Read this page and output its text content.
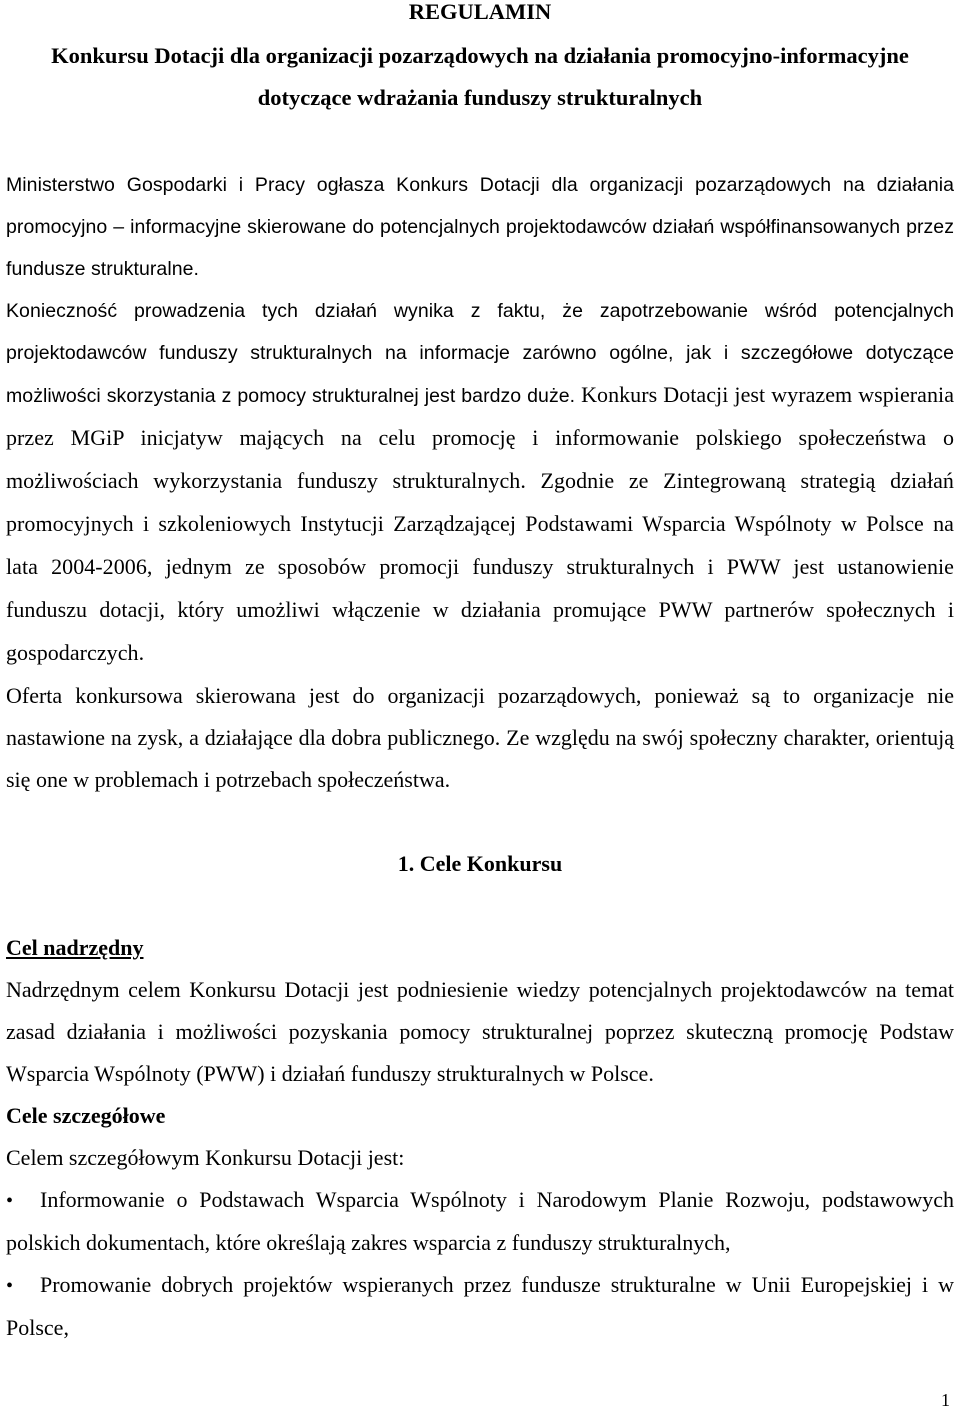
REGULAMIN
Konkursu Dotacji dla organizacji pozarządowych na działania promocyjno-informacyjne dotyczące wdrażania funduszy strukturalnych

Ministerstwo Gospodarki i Pracy ogłasza Konkurs Dotacji dla organizacji pozarządowych na działania promocyjno – informacyjne skierowane do potencjalnych projektodawców działań współfinansowanych przez fundusze strukturalne.

Konieczność prowadzenia tych działań wynika z faktu, że zapotrzebowanie wśród potencjalnych projektodawców funduszy strukturalnych na informacje zarówno ogólne, jak i szczegółowe dotyczące możliwości skorzystania z pomocy strukturalnej jest bardzo duże. Konkurs Dotacji jest wyrazem wspierania przez MGiP inicjatyw mających na celu promocję i informowanie polskiego społeczeństwa o możliwościach wykorzystania funduszy strukturalnych. Zgodnie ze Zintegrowaną strategią działań promocyjnych i szkoleniowych Instytucji Zarządzającej Podstawami Wsparcia Wspólnoty w Polsce na lata 2004-2006, jednym ze sposobów promocji funduszy strukturalnych i PWW jest ustanowienie funduszu dotacji, który umożliwi włączenie w działania promujące PWW partnerów społecznych i gospodarczych.

Oferta konkursowa skierowana jest do organizacji pozarządowych, ponieważ są to organizacje nie nastawione na zysk, a działające dla dobra publicznego. Ze względu na swój społeczny charakter, orientują się one w problemach i potrzebach społeczeństwa.

1. Cele Konkursu
Cel nadrzędny

Nadrzędnym celem Konkursu Dotacji jest podniesienie wiedzy potencjalnych projektodawców na temat zasad działania i możliwości pozyskania pomocy strukturalnej poprzez skuteczną promocję Podstaw Wsparcia Wspólnoty (PWW) i działań funduszy strukturalnych w Polsce.

Cele szczegółowe

Celem szczegółowym Konkursu Dotacji jest:

• Informowanie o Podstawach Wsparcia Wspólnoty i Narodowym Planie Rozwoju, podstawowych polskich dokumentach, które określają zakres wsparcia z funduszy strukturalnych,
• Promowanie dobrych projektów wspieranych przez fundusze strukturalne w Unii Europejskiej i w Polsce,
1
